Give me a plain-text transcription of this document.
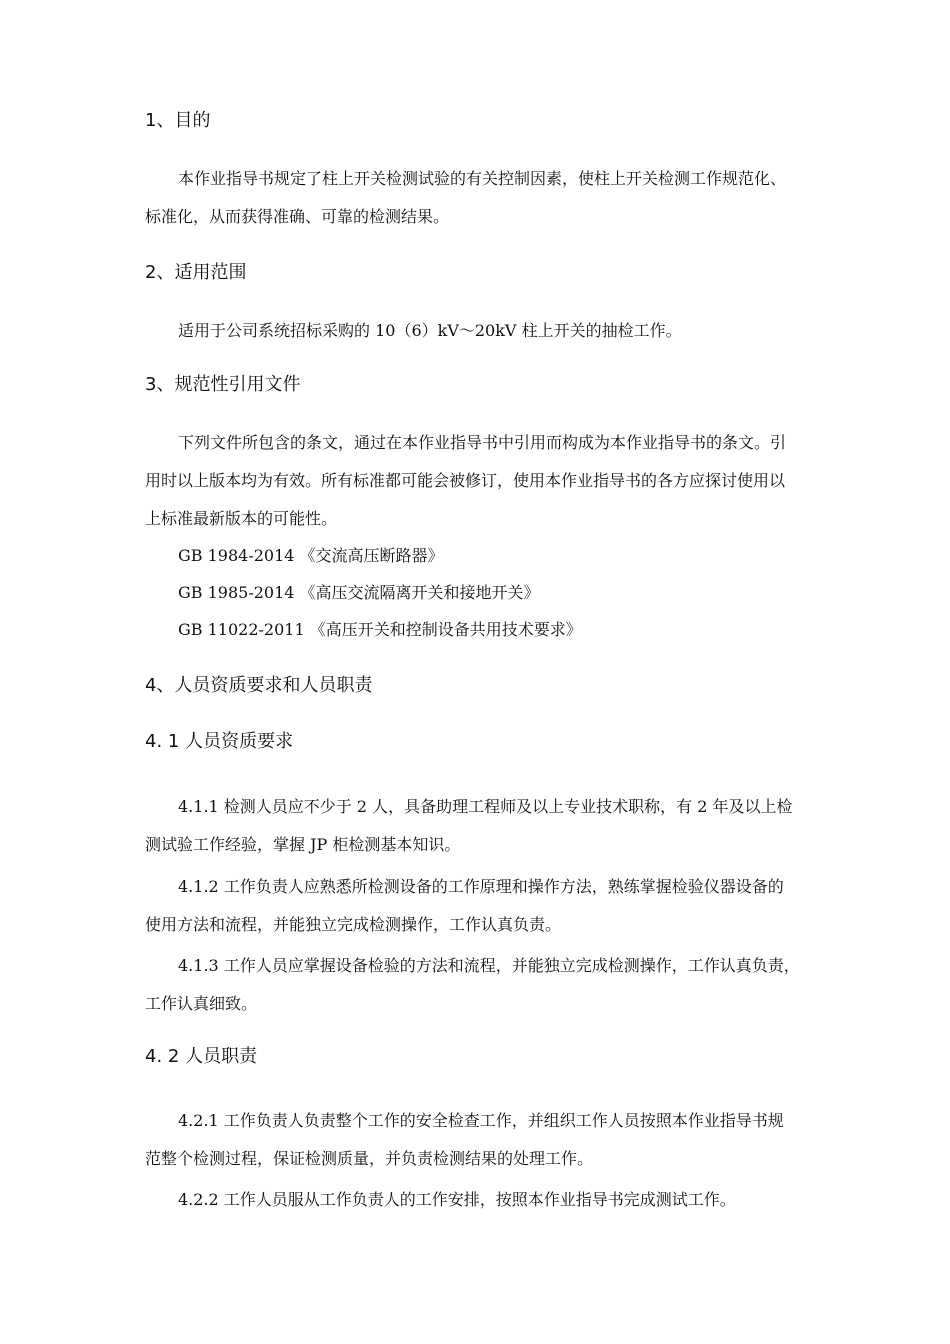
1、目的

本作业指导书规定了柱上开关检测试验的有关控制因素，使柱上开关检测工作规范化、

标准化，从而获得准确、可靠的检测结果。

2、适用范围

适用于公司系统招标采购的 10（6）kV～20kV 柱上开关的抽检工作。

3、规范性引用文件

下列文件所包含的条文，通过在本作业指导书中引用而构成为本作业指导书的条文。引

用时以上版本均为有效。所有标准都可能会被修订，使用本作业指导书的各方应探讨使用以

上标准最新版本的可能性。

GB 1984-2014 《交流高压断路器》

GB 1985-2014 《高压交流隔离开关和接地开关》

GB 11022-2011 《高压开关和控制设备共用技术要求》

4、人员资质要求和人员职责

4. 1 人员资质要求

4.1.1 检测人员应不少于 2 人，具备助理工程师及以上专业技术职称，有 2 年及以上检

测试验工作经验，掌握 JP 柜检测基本知识。

4.1.2 工作负责人应熟悉所检测设备的工作原理和操作方法，熟练掌握检验仪器设备的

使用方法和流程，并能独立完成检测操作，工作认真负责。

4.1.3 工作人员应掌握设备检验的方法和流程，并能独立完成检测操作，工作认真负责，

工作认真细致。

4. 2 人员职责

4.2.1 工作负责人负责整个工作的安全检查工作，并组织工作人员按照本作业指导书规

范整个检测过程，保证检测质量，并负责检测结果的处理工作。

4.2.2 工作人员服从工作负责人的工作安排，按照本作业指导书完成测试工作。
